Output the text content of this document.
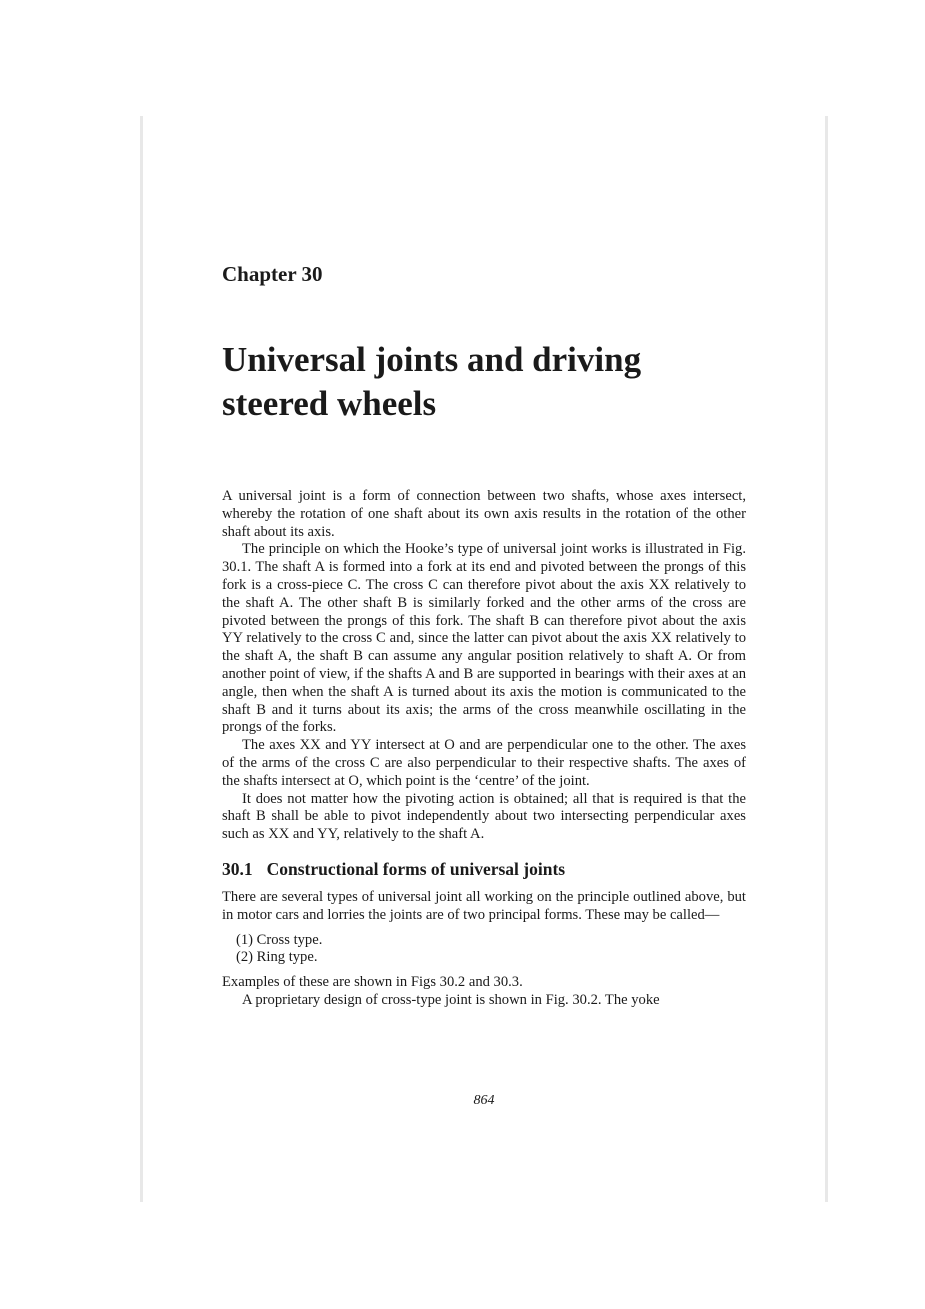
Chapter 30
Universal joints and driving
steered wheels

A universal joint is a form of connection between two shafts, whose axes intersect, whereby the rotation of one shaft about its own axis results in the rotation of the other shaft about its axis.

The principle on which the Hooke’s type of universal joint works is illustrated in Fig. 30.1. The shaft A is formed into a fork at its end and pivoted between the prongs of this fork is a cross-piece C. The cross C can therefore pivot about the axis XX relatively to the shaft A. The other shaft B is similarly forked and the other arms of the cross are pivoted between the prongs of this fork. The shaft B can therefore pivot about the axis YY relatively to the cross C and, since the latter can pivot about the axis XX relatively to the shaft A, the shaft B can assume any angular position relatively to shaft A. Or from another point of view, if the shafts A and B are supported in bearings with their axes at an angle, then when the shaft A is turned about its axis the motion is communicated to the shaft B and it turns about its axis; the arms of the cross meanwhile oscillating in the prongs of the forks.

The axes XX and YY intersect at O and are perpendicular one to the other. The axes of the arms of the cross C are also perpendicular to their respective shafts. The axes of the shafts intersect at O, which point is the ‘centre’ of the joint.

It does not matter how the pivoting action is obtained; all that is required is that the shaft B shall be able to pivot independently about two intersecting perpendicular axes such as XX and YY, relatively to the shaft A.

30.1 Constructional forms of universal joints

There are several types of universal joint all working on the principle outlined above, but in motor cars and lorries the joints are of two principal forms. These may be called—

(1) Cross type.
(2) Ring type.

Examples of these are shown in Figs 30.2 and 30.3.

A proprietary design of cross-type joint is shown in Fig. 30.2. The yoke

864
